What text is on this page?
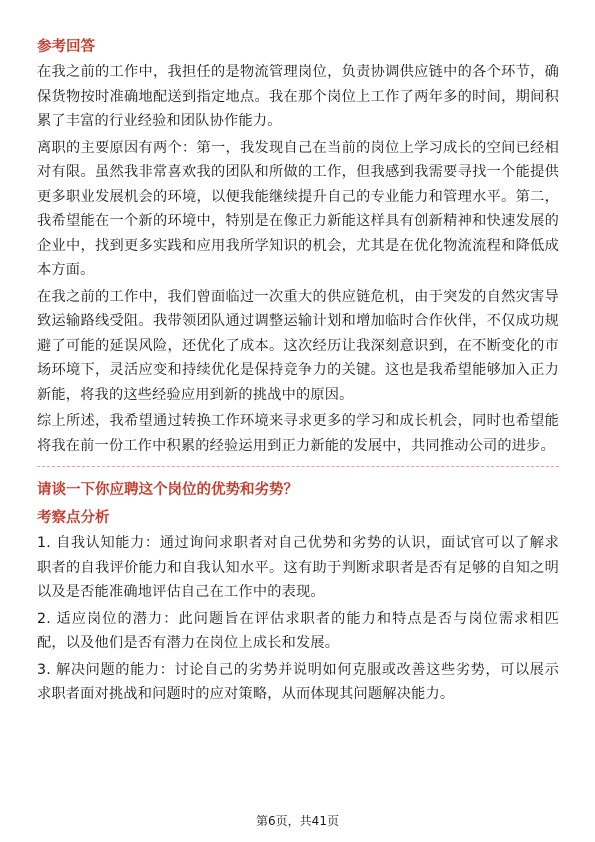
参考回答

在我之前的工作中，我担任的是物流管理岗位，负责协调供应链中的各个环节，确保货物按时准确地配送到指定地点。我在那个岗位上工作了两年多的时间，期间积累了丰富的行业经验和团队协作能力。

离职的主要原因有两个：第一，我发现自己在当前的岗位上学习成长的空间已经相对有限。虽然我非常喜欢我的团队和所做的工作，但我感到我需要寻找一个能提供更多职业发展机会的环境，以便我能继续提升自己的专业能力和管理水平。第二，我希望能在一个新的环境中，特别是在像正力新能这样具有创新精神和快速发展的企业中，找到更多实践和应用我所学知识的机会，尤其是在优化物流流程和降低成本方面。

在我之前的工作中，我们曾面临过一次重大的供应链危机，由于突发的自然灾害导致运输路线受阻。我带领团队通过调整运输计划和增加临时合作伙伴，不仅成功规避了可能的延误风险，还优化了成本。这次经历让我深刻意识到，在不断变化的市场环境下，灵活应变和持续优化是保持竞争力的关键。这也是我希望能够加入正力新能，将我的这些经验应用到新的挑战中的原因。

综上所述，我希望通过转换工作环境来寻求更多的学习和成长机会，同时也希望能将我在前一份工作中积累的经验运用到正力新能的发展中，共同推动公司的进步。

请谈一下你应聘这个岗位的优势和劣势？
考察点分析

1. 自我认知能力：通过询问求职者对自己优势和劣势的认识，面试官可以了解求职者的自我评价能力和自我认知水平。这有助于判断求职者是否有足够的自知之明以及是否能准确地评估自己在工作中的表现。

2. 适应岗位的潜力：此问题旨在评估求职者的能力和特点是否与岗位需求相匹配，以及他们是否有潜力在岗位上成长和发展。

3. 解决问题的能力：讨论自己的劣势并说明如何克服或改善这些劣势，可以展示求职者面对挑战和问题时的应对策略，从而体现其问题解决能力。

第6页，共41页
